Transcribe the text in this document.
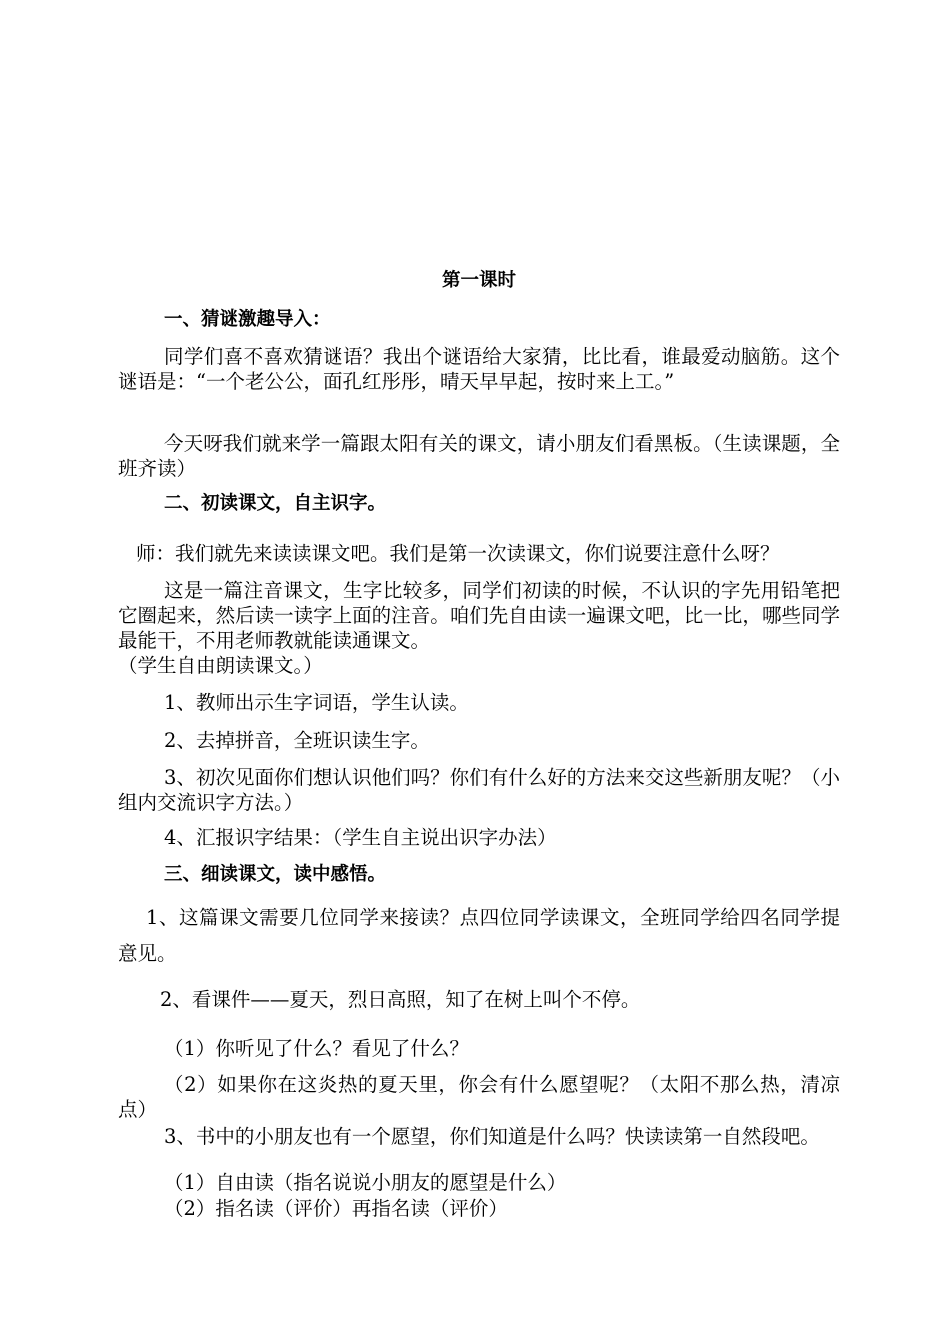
第一课时

一、猜谜激趣导入：

同学们喜不喜欢猜谜语？我出个谜语给大家猜，比比看，谁最爱动脑筋。这个谜语是：“一个老公公，面孔红彤彤，晴天早早起，按时来上工。”

今天呀我们就来学一篇跟太阳有关的课文，请小朋友们看黑板。（生读课题，全班齐读）

二、初读课文，自主识字。

师：我们就先来读读课文吧。我们是第一次读课文，你们说要注意什么呀？

这是一篇注音课文，生字比较多，同学们初读的时候，不认识的字先用铅笔把它圈起来，然后读一读字上面的注音。咱们先自由读一遍课文吧，比一比，哪些同学最能干，不用老师教就能读通课文。

（学生自由朗读课文。）

1、教师出示生字词语，学生认读。

2、去掉拼音，全班识读生字。

3、初次见面你们想认识他们吗？你们有什么好的方法来交这些新朋友呢？（小组内交流识字方法。）

4、汇报识字结果：（学生自主说出识字办法）

三、细读课文，读中感悟。

1、这篇课文需要几位同学来接读？点四位同学读课文，全班同学给四名同学提意见。

2、看课件——夏天，烈日高照，知了在树上叫个不停。

（1）你听见了什么？看见了什么？

（2）如果你在这炎热的夏天里，你会有什么愿望呢？（太阳不那么热，清凉点）

3、书中的小朋友也有一个愿望，你们知道是什么吗？快读读第一自然段吧。

（1）自由读（指名说说小朋友的愿望是什么）

（2）指名读（评价）再指名读（评价）
